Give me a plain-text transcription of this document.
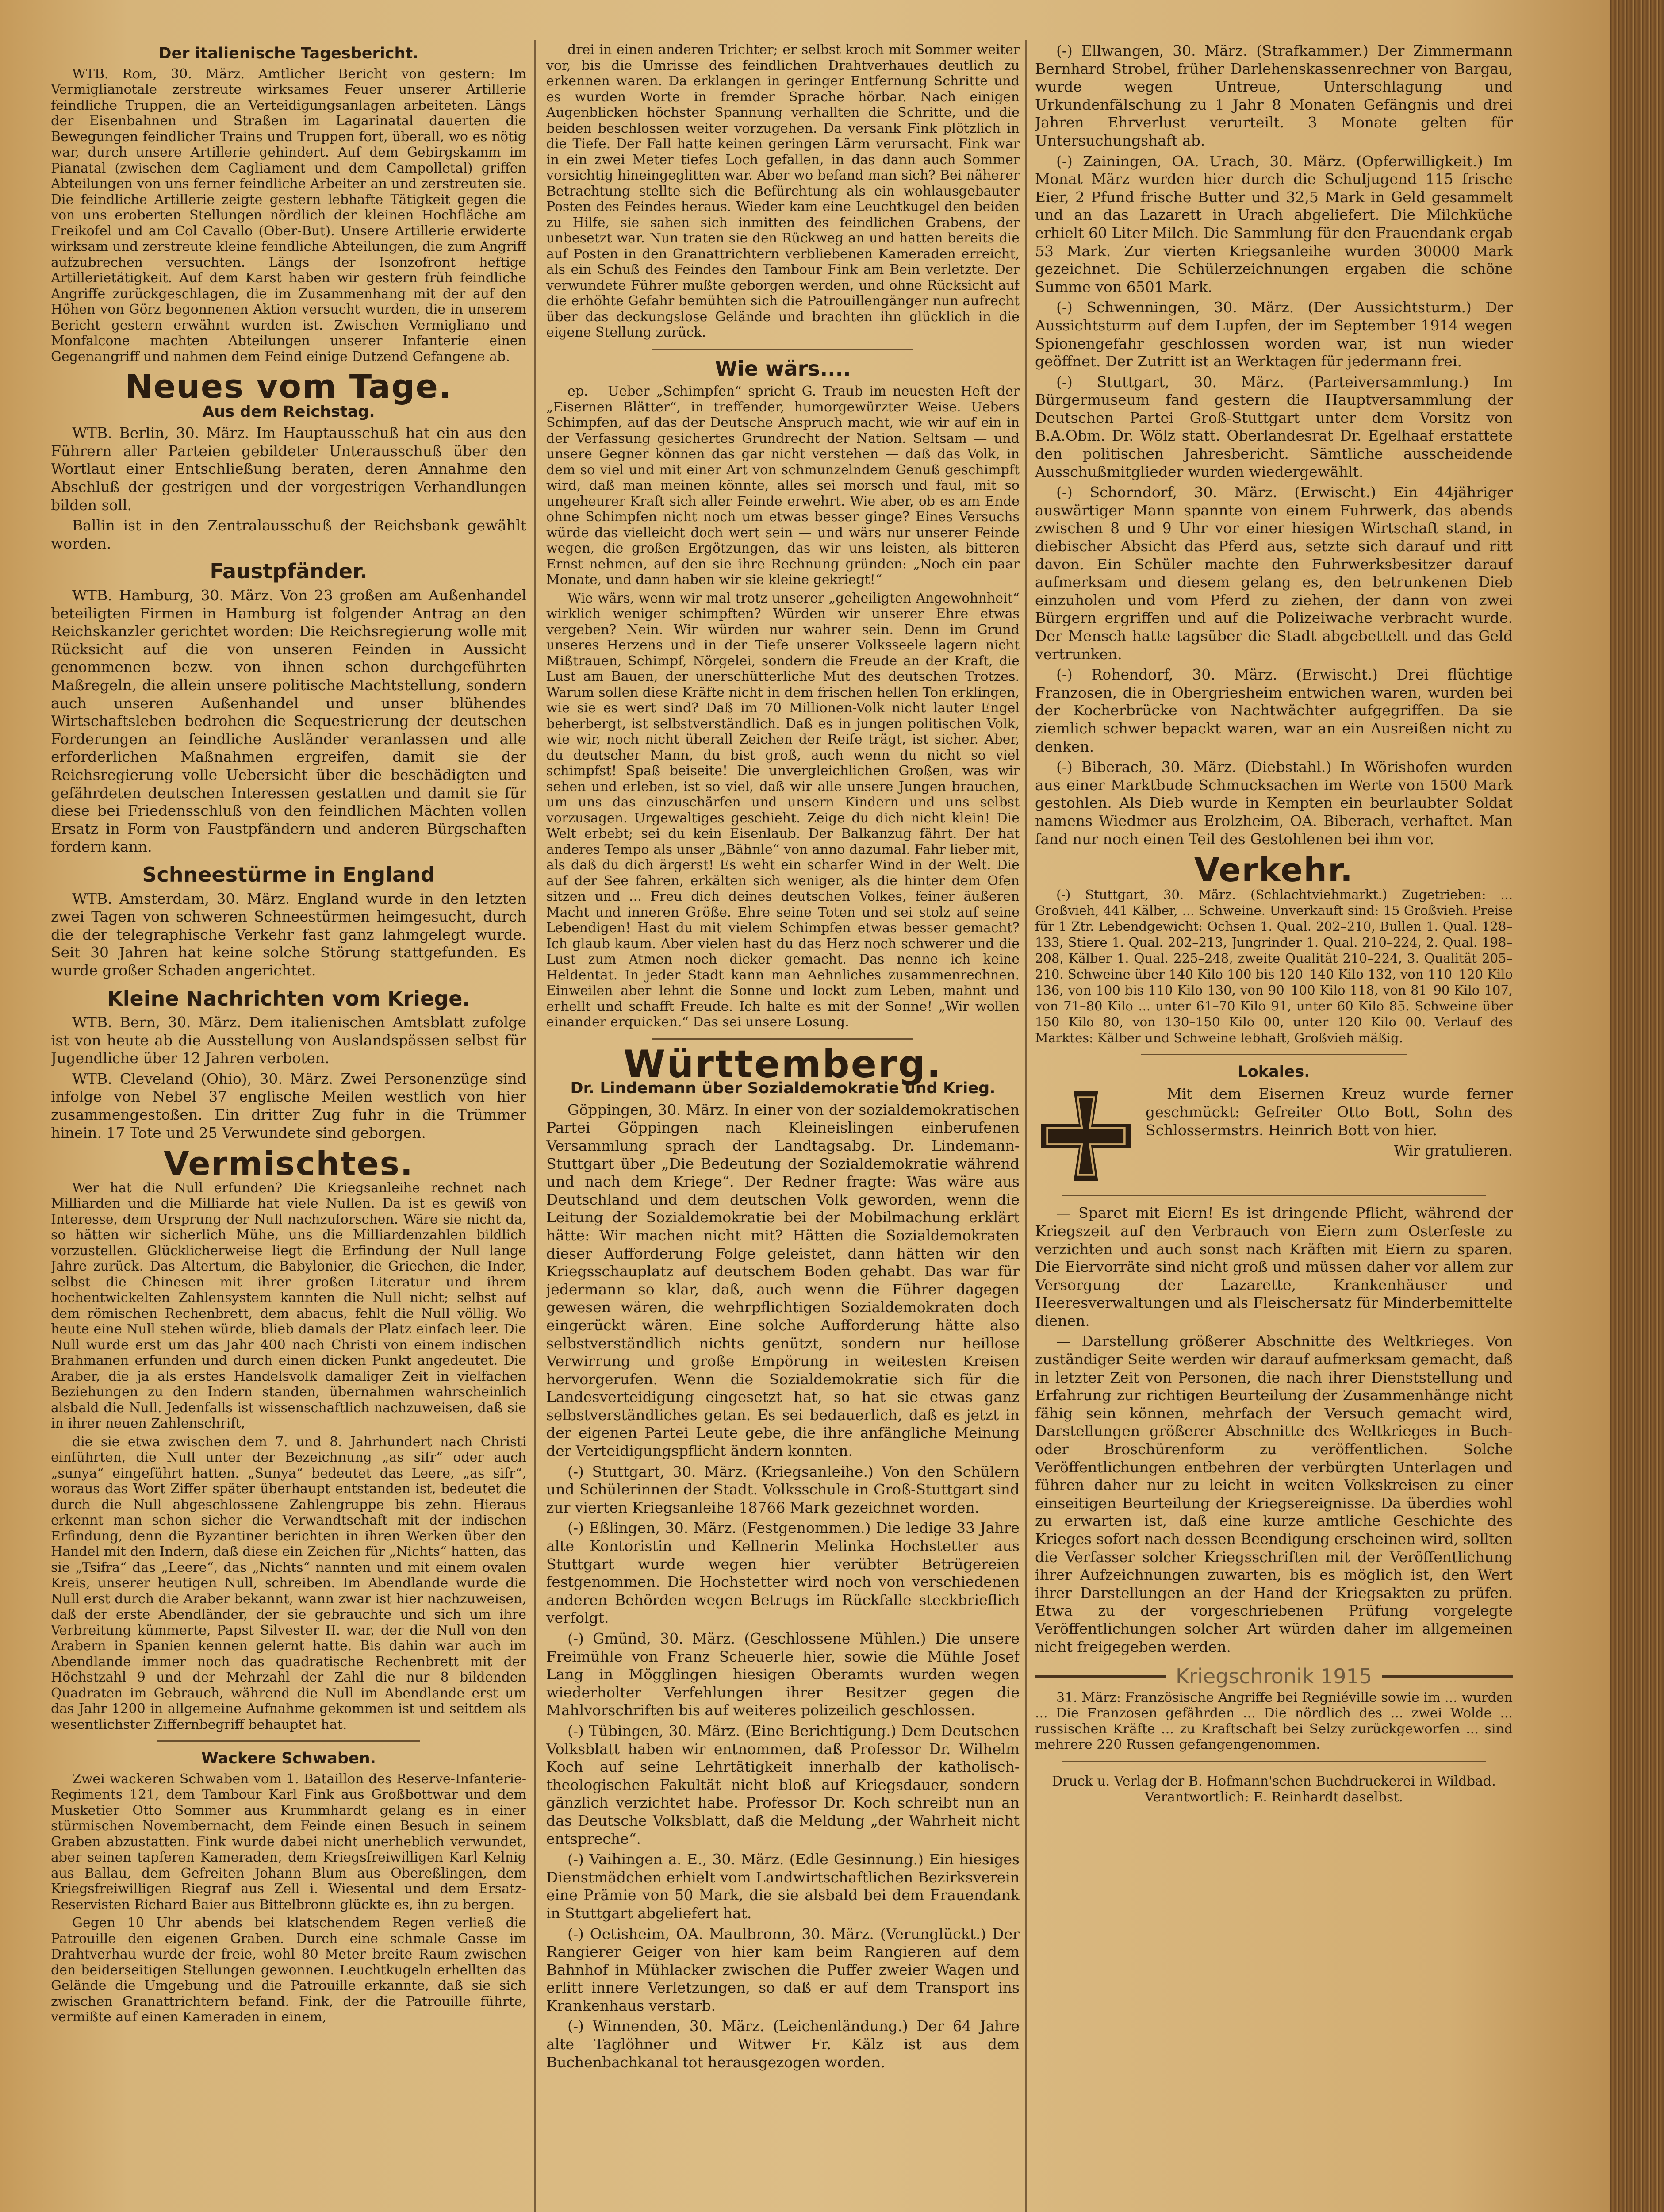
Der italienische Tagesbericht.

WTB. Rom, 30. März. Amtlicher Bericht von gestern: Im Vermiglianotale zerstreute wirksames Feuer unserer Artillerie feindliche Truppen, die an Verteidigungsanlagen arbeiteten. Längs der Eisenbahnen und Straßen im Lagarinatal dauerten die Bewegungen feindlicher Trains und Truppen fort, überall, wo es nötig war, durch unsere Artillerie gehindert. Auf dem Gebirgskamm im Pianatal (zwischen dem Cagliament und dem Campolletal) griffen Abteilungen von uns ferner feindliche Arbeiter an und zerstreuten sie. Die feindliche Artillerie zeigte gestern lebhafte Tätigkeit gegen die von uns eroberten Stellungen nördlich der kleinen Hochfläche am Freikofel und am Col Cavallo (Ober-But). Unsere Artillerie erwiderte wirksam und zerstreute kleine feindliche Abteilungen, die zum Angriff aufzubrechen versuchten. Längs der Isonzofront heftige Artillerietätigkeit. Auf dem Karst haben wir gestern früh feindliche Angriffe zurückgeschlagen, die im Zusammenhang mit der auf den Höhen von Görz begonnenen Aktion versucht wurden, die in unserem Bericht gestern erwähnt wurden ist. Zwischen Vermigliano und Monfalcone machten Abteilungen unserer Infanterie einen Gegenangriff und nahmen dem Feind einige Dutzend Gefangene ab.

Neues vom Tage.
Aus dem Reichstag.

WTB. Berlin, 30. März. Im Hauptausschuß hat ein aus den Führern aller Parteien gebildeter Unterausschuß über den Wortlaut einer Entschließung beraten, deren Annahme den Abschluß der gestrigen und der vorgestrigen Verhandlungen bilden soll.

Ballin ist in den Zentralausschuß der Reichsbank gewählt worden.

Faustpfänder.

WTB. Hamburg, 30. März. Von 23 großen am Außenhandel beteiligten Firmen in Hamburg ist folgender Antrag an den Reichskanzler gerichtet worden: Die Reichsregierung wolle mit Rücksicht auf die von unseren Feinden in Aussicht genommenen bezw. von ihnen schon durchgeführten Maßregeln, die allein unsere politische Machtstellung, sondern auch unseren Außenhandel und unser blühendes Wirtschaftsleben bedrohen die Sequestrierung der deutschen Forderungen an feindliche Ausländer veranlassen und alle erforderlichen Maßnahmen ergreifen, damit sie der Reichsregierung volle Uebersicht über die beschädigten und gefährdeten deutschen Interessen gestatten und damit sie für diese bei Friedensschluß von den feindlichen Mächten vollen Ersatz in Form von Faustpfändern und anderen Bürgschaften fordern kann.

Schneestürme in England

WTB. Amsterdam, 30. März. England wurde in den letzten zwei Tagen von schweren Schneestürmen heimgesucht, durch die der telegraphische Verkehr fast ganz lahmgelegt wurde. Seit 30 Jahren hat keine solche Störung stattgefunden. Es wurde großer Schaden angerichtet.

Kleine Nachrichten vom Kriege.

WTB. Bern, 30. März. Dem italienischen Amtsblatt zufolge ist von heute ab die Ausstellung von Auslandspässen selbst für Jugendliche über 12 Jahren verboten.

WTB. Cleveland (Ohio), 30. März. Zwei Personenzüge sind infolge von Nebel 37 englische Meilen westlich von hier zusammengestoßen. Ein dritter Zug fuhr in die Trümmer hinein. 17 Tote und 25 Verwundete sind geborgen.

Vermischtes.

Wer hat die Null erfunden? Die Kriegsanleihe rechnet nach Milliarden und die Milliarde hat viele Nullen. Da ist es gewiß von Interesse, dem Ursprung der Null nachzuforschen. Wäre sie nicht da, so hätten wir sicherlich Mühe, uns die Milliardenzahlen bildlich vorzustellen. Glücklicherweise liegt die Erfindung der Null lange Jahre zurück. Das Altertum, die Babylonier, die Griechen, die Inder, selbst die Chinesen mit ihrer großen Literatur und ihrem hochentwickelten Zahlensystem kannten die Null nicht; selbst auf dem römischen Rechenbrett, dem abacus, fehlt die Null völlig. Wo heute eine Null stehen würde, blieb damals der Platz einfach leer. Die Null wurde erst um das Jahr 400 nach Christi von einem indischen Brahmanen erfunden und durch einen dicken Punkt angedeutet. Die Araber, die ja als erstes Handelsvolk damaliger Zeit in vielfachen Beziehungen zu den Indern standen, übernahmen wahrscheinlich alsbald die Null. Jedenfalls ist wissenschaftlich nachzuweisen, daß sie in ihrer neuen Zahlenschrift,

die sie etwa zwischen dem 7. und 8. Jahrhundert nach Christi einführten, die Null unter der Bezeichnung „as sifr“ oder auch „sunya“ eingeführt hatten. „Sunya“ bedeutet das Leere, „as sifr“, woraus das Wort Ziffer später überhaupt entstanden ist, bedeutet die durch die Null abgeschlossene Zahlengruppe bis zehn. Hieraus erkennt man schon sicher die Verwandtschaft mit der indischen Erfindung, denn die Byzantiner berichten in ihren Werken über den Handel mit den Indern, daß diese ein Zeichen für „Nichts“ hatten, das sie „Tsifra“ das „Leere“, das „Nichts“ nannten und mit einem ovalen Kreis, unserer heutigen Null, schreiben. Im Abendlande wurde die Null erst durch die Araber bekannt, wann zwar ist hier nachzuweisen, daß der erste Abendländer, der sie gebrauchte und sich um ihre Verbreitung kümmerte, Papst Silvester II. war, der die Null von den Arabern in Spanien kennen gelernt hatte. Bis dahin war auch im Abendlande immer noch das quadratische Rechenbrett mit der Höchstzahl 9 und der Mehrzahl der Zahl die nur 8 bildenden Quadraten im Gebrauch, während die Null im Abendlande erst um das Jahr 1200 in allgemeine Aufnahme gekommen ist und seitdem als wesentlichster Ziffernbegriff behauptet hat.

Wackere Schwaben.

Zwei wackeren Schwaben vom 1. Bataillon des Reserve-Infanterie-Regiments 121, dem Tambour Karl Fink aus Großbottwar und dem Musketier Otto Sommer aus Krummhardt gelang es in einer stürmischen Novembernacht, dem Feinde einen Besuch in seinem Graben abzustatten. Fink wurde dabei nicht unerheblich verwundet, aber seinen tapferen Kameraden, dem Kriegsfreiwilligen Karl Kelnig aus Ballau, dem Gefreiten Johann Blum aus Obereßlingen, dem Kriegsfreiwilligen Riegraf aus Zell i. Wiesental und dem Ersatz-Reservisten Richard Baier aus Bittelbronn glückte es, ihn zu bergen.

Gegen 10 Uhr abends bei klatschendem Regen verließ die Patrouille den eigenen Graben. Durch eine schmale Gasse im Drahtverhau wurde der freie, wohl 80 Meter breite Raum zwischen den beiderseitigen Stellungen gewonnen. Leuchtkugeln erhellten das Gelände die Umgebung und die Patrouille erkannte, daß sie sich zwischen Granattrichtern befand. Fink, der die Patrouille führte, vermißte auf einen Kameraden in einem,

drei in einen anderen Trichter; er selbst kroch mit Sommer weiter vor, bis die Umrisse des feindlichen Drahtverhaues deutlich zu erkennen waren. Da erklangen in geringer Entfernung Schritte und es wurden Worte in fremder Sprache hörbar. Nach einigen Augenblicken höchster Spannung verhallten die Schritte, und die beiden beschlossen weiter vorzugehen. Da versank Fink plötzlich in die Tiefe. Der Fall hatte keinen geringen Lärm verursacht. Fink war in ein zwei Meter tiefes Loch gefallen, in das dann auch Sommer vorsichtig hineingeglitten war. Aber wo befand man sich? Bei näherer Betrachtung stellte sich die Befürchtung als ein wohlausgebauter Posten des Feindes heraus. Wieder kam eine Leuchtkugel den beiden zu Hilfe, sie sahen sich inmitten des feindlichen Grabens, der unbesetzt war. Nun traten sie den Rückweg an und hatten bereits die auf Posten in den Granattrichtern verbliebenen Kameraden erreicht, als ein Schuß des Feindes den Tambour Fink am Bein verletzte. Der verwundete Führer mußte geborgen werden, und ohne Rücksicht auf die erhöhte Gefahr bemühten sich die Patrouillengänger nun aufrecht über das deckungslose Gelände und brachten ihn glücklich in die eigene Stellung zurück.

Wie wärs....

ep.— Ueber „Schimpfen“ spricht G. Traub im neuesten Heft der „Eisernen Blätter“, in treffender, humorgewürzter Weise. Uebers Schimpfen, auf das der Deutsche Anspruch macht, wie wir auf ein in der Verfassung gesichertes Grundrecht der Nation. Seltsam — und unsere Gegner können das gar nicht verstehen — daß das Volk, in dem so viel und mit einer Art von schmunzelndem Genuß geschimpft wird, daß man meinen könnte, alles sei morsch und faul, mit so ungeheurer Kraft sich aller Feinde erwehrt. Wie aber, ob es am Ende ohne Schimpfen nicht noch um etwas besser ginge? Eines Versuchs würde das vielleicht doch wert sein — und wärs nur unserer Feinde wegen, die großen Ergötzungen, das wir uns leisten, als bitteren Ernst nehmen, auf den sie ihre Rechnung gründen: „Noch ein paar Monate, und dann haben wir sie kleine gekriegt!“

Wie wärs, wenn wir mal trotz unserer „geheiligten Angewohnheit“ wirklich weniger schimpften? Würden wir unserer Ehre etwas vergeben? Nein. Wir würden nur wahrer sein. Denn im Grund unseres Herzens und in der Tiefe unserer Volksseele lagern nicht Mißtrauen, Schimpf, Nörgelei, sondern die Freude an der Kraft, die Lust am Bauen, der unerschütterliche Mut des deutschen Trotzes. Warum sollen diese Kräfte nicht in dem frischen hellen Ton erklingen, wie sie es wert sind? Daß im 70 Millionen-Volk nicht lauter Engel beherbergt, ist selbstverständlich. Daß es in jungen politischen Volk, wie wir, noch nicht überall Zeichen der Reife trägt, ist sicher. Aber, du deutscher Mann, du bist groß, auch wenn du nicht so viel schimpfst! Spaß beiseite! Die unvergleichlichen Großen, was wir sehen und erleben, ist so viel, daß wir alle unsere Jungen brauchen, um uns das einzuschärfen und unsern Kindern und uns selbst vorzusagen. Urgewaltiges geschieht. Zeige du dich nicht klein! Die Welt erbebt; sei du kein Eisenlaub. Der Balkanzug fährt. Der hat anderes Tempo als unser „Bähnle“ von anno dazumal. Fahr lieber mit, als daß du dich ärgerst! Es weht ein scharfer Wind in der Welt. Die auf der See fahren, erkälten sich weniger, als die hinter dem Ofen sitzen und ... Freu dich deines deutschen Volkes, feiner äußeren Macht und inneren Größe. Ehre seine Toten und sei stolz auf seine Lebendigen! Hast du mit vielem Schimpfen etwas besser gemacht? Ich glaub kaum. Aber vielen hast du das Herz noch schwerer und die Lust zum Atmen noch dicker gemacht. Das nenne ich keine Heldentat. In jeder Stadt kann man Aehnliches zusammenrechnen. Einweilen aber lehnt die Sonne und lockt zum Leben, mahnt und erhellt und schafft Freude. Ich halte es mit der Sonne! „Wir wollen einander erquicken.“ Das sei unsere Losung.

Württemberg.
Dr. Lindemann über Sozialdemokratie und Krieg.

Göppingen, 30. März. In einer von der sozialdemokratischen Partei Göppingen nach Kleineislingen einberufenen Versammlung sprach der Landtagsabg. Dr. Lindemann-Stuttgart über „Die Bedeutung der Sozialdemokratie während und nach dem Kriege“. Der Redner fragte: Was wäre aus Deutschland und dem deutschen Volk geworden, wenn die Leitung der Sozialdemokratie bei der Mobilmachung erklärt hätte: Wir machen nicht mit? Hätten die Sozialdemokraten dieser Aufforderung Folge geleistet, dann hätten wir den Kriegsschauplatz auf deutschem Boden gehabt. Das war für jedermann so klar, daß, auch wenn die Führer dagegen gewesen wären, die wehrpflichtigen Sozialdemokraten doch eingerückt wären. Eine solche Aufforderung hätte also selbstverständlich nichts genützt, sondern nur heillose Verwirrung und große Empörung in weitesten Kreisen hervorgerufen. Wenn die Sozialdemokratie sich für die Landesverteidigung eingesetzt hat, so hat sie etwas ganz selbstverständliches getan. Es sei bedauerlich, daß es jetzt in der eigenen Partei Leute gebe, die ihre anfängliche Meinung der Verteidigungspflicht ändern konnten.

(-) Stuttgart, 30. März. (Kriegsanleihe.) Von den Schülern und Schülerinnen der Stadt. Volksschule in Groß-Stuttgart sind zur vierten Kriegsanleihe 18766 Mark gezeichnet worden.

(-) Eßlingen, 30. März. (Festgenommen.) Die ledige 33 Jahre alte Kontoristin und Kellnerin Melinka Hochstetter aus Stuttgart wurde wegen hier verübter Betrügereien festgenommen. Die Hochstetter wird noch von verschiedenen anderen Behörden wegen Betrugs im Rückfalle steckbrieflich verfolgt.

(-) Gmünd, 30. März. (Geschlossene Mühlen.) Die unsere Freimühle von Franz Scheuerle hier, sowie die Mühle Josef Lang in Mögglingen hiesigen Oberamts wurden wegen wiederholter Verfehlungen ihrer Besitzer gegen die Mahlvorschriften bis auf weiteres polizeilich geschlossen.

(-) Tübingen, 30. März. (Eine Berichtigung.) Dem Deutschen Volksblatt haben wir entnommen, daß Professor Dr. Wilhelm Koch auf seine Lehrtätigkeit innerhalb der katholisch-theologischen Fakultät nicht bloß auf Kriegsdauer, sondern gänzlich verzichtet habe. Professor Dr. Koch schreibt nun an das Deutsche Volksblatt, daß die Meldung „der Wahrheit nicht entspreche“.

(-) Vaihingen a. E., 30. März. (Edle Gesinnung.) Ein hiesiges Dienstmädchen erhielt vom Landwirtschaftlichen Bezirksverein eine Prämie von 50 Mark, die sie alsbald bei dem Frauendank in Stuttgart abgeliefert hat.

(-) Oetisheim, OA. Maulbronn, 30. März. (Verunglückt.) Der Rangierer Geiger von hier kam beim Rangieren auf dem Bahnhof in Mühlacker zwischen die Puffer zweier Wagen und erlitt innere Verletzungen, so daß er auf dem Transport ins Krankenhaus verstarb.

(-) Winnenden, 30. März. (Leichenländung.) Der 64 Jahre alte Taglöhner und Witwer Fr. Kälz ist aus dem Buchenbachkanal tot herausgezogen worden.

(-) Ellwangen, 30. März. (Strafkammer.) Der Zimmermann Bernhard Strobel, früher Darlehenskassenrechner von Bargau, wurde wegen Untreue, Unterschlagung und Urkundenfälschung zu 1 Jahr 8 Monaten Gefängnis und drei Jahren Ehrverlust verurteilt. 3 Monate gelten für Untersuchungshaft ab.

(-) Zainingen, OA. Urach, 30. März. (Opferwilligkeit.) Im Monat März wurden hier durch die Schuljugend 115 frische Eier, 2 Pfund frische Butter und 32,5 Mark in Geld gesammelt und an das Lazarett in Urach abgeliefert. Die Milchküche erhielt 60 Liter Milch. Die Sammlung für den Frauendank ergab 53 Mark. Zur vierten Kriegsanleihe wurden 30000 Mark gezeichnet. Die Schülerzeichnungen ergaben die schöne Summe von 6501 Mark.

(-) Schwenningen, 30. März. (Der Aussichtsturm.) Der Aussichtsturm auf dem Lupfen, der im September 1914 wegen Spionengefahr geschlossen worden war, ist nun wieder geöffnet. Der Zutritt ist an Werktagen für jedermann frei.

(-) Stuttgart, 30. März. (Parteiversammlung.) Im Bürgermuseum fand gestern die Hauptversammlung der Deutschen Partei Groß-Stuttgart unter dem Vorsitz von B.A.Obm. Dr. Wölz statt. Oberlandesrat Dr. Egelhaaf erstattete den politischen Jahresbericht. Sämtliche ausscheidende Ausschußmitglieder wurden wiedergewählt.

(-) Schorndorf, 30. März. (Erwischt.) Ein 44jähriger auswärtiger Mann spannte von einem Fuhrwerk, das abends zwischen 8 und 9 Uhr vor einer hiesigen Wirtschaft stand, in diebischer Absicht das Pferd aus, setzte sich darauf und ritt davon. Ein Schüler machte den Fuhrwerksbesitzer darauf aufmerksam und diesem gelang es, den betrunkenen Dieb einzuholen und vom Pferd zu ziehen, der dann von zwei Bürgern ergriffen und auf die Polizeiwache verbracht wurde. Der Mensch hatte tagsüber die Stadt abgebettelt und das Geld vertrunken.

(-) Rohendorf, 30. März. (Erwischt.) Drei flüchtige Franzosen, die in Obergriesheim entwichen waren, wurden bei der Kocherbrücke von Nachtwächter aufgegriffen. Da sie ziemlich schwer bepackt waren, war an ein Ausreißen nicht zu denken.

(-) Biberach, 30. März. (Diebstahl.) In Wörishofen wurden aus einer Marktbude Schmucksachen im Werte von 1500 Mark gestohlen. Als Dieb wurde in Kempten ein beurlaubter Soldat namens Wiedmer aus Erolzheim, OA. Biberach, verhaftet. Man fand nur noch einen Teil des Gestohlenen bei ihm vor.

Verkehr.

(-) Stuttgart, 30. März. (Schlachtviehmarkt.) Zugetrieben: ... Großvieh, 441 Kälber, ... Schweine. Unverkauft sind: 15 Großvieh. Preise für 1 Ztr. Lebendgewicht: Ochsen 1. Qual. 202–210, Bullen 1. Qual. 128–133, Stiere 1. Qual. 202–213, Jungrinder 1. Qual. 210–224, 2. Qual. 198–208, Kälber 1. Qual. 225–248, zweite Qualität 210–224, 3. Qualität 205–210. Schweine über 140 Kilo 100 bis 120–140 Kilo 132, von 110–120 Kilo 136, von 100 bis 110 Kilo 130, von 90–100 Kilo 118, von 81–90 Kilo 107, von 71–80 Kilo ... unter 61–70 Kilo 91, unter 60 Kilo 85. Schweine über 150 Kilo 80, von 130–150 Kilo 00, unter 120 Kilo 00. Verlauf des Marktes: Kälber und Schweine lebhaft, Großvieh mäßig.

Lokales.

Mit dem Eisernen Kreuz wurde ferner geschmückt: Gefreiter Otto Bott, Sohn des Schlossermstrs. Heinrich Bott von hier.

Wir gratulieren.

— Sparet mit Eiern! Es ist dringende Pflicht, während der Kriegszeit auf den Verbrauch von Eiern zum Osterfeste zu verzichten und auch sonst nach Kräften mit Eiern zu sparen. Die Eiervorräte sind nicht groß und müssen daher vor allem zur Versorgung der Lazarette, Krankenhäuser und Heeresverwaltungen und als Fleischersatz für Minderbemittelte dienen.

— Darstellung größerer Abschnitte des Weltkrieges. Von zuständiger Seite werden wir darauf aufmerksam gemacht, daß in letzter Zeit von Personen, die nach ihrer Dienststellung und Erfahrung zur richtigen Beurteilung der Zusammenhänge nicht fähig sein können, mehrfach der Versuch gemacht wird, Darstellungen größerer Abschnitte des Weltkrieges in Buch- oder Broschürenform zu veröffentlichen. Solche Veröffentlichungen entbehren der verbürgten Unterlagen und führen daher nur zu leicht in weiten Volkskreisen zu einer einseitigen Beurteilung der Kriegsereignisse. Da überdies wohl zu erwarten ist, daß eine kurze amtliche Geschichte des Krieges sofort nach dessen Beendigung erscheinen wird, sollten die Verfasser solcher Kriegsschriften mit der Veröffentlichung ihrer Aufzeichnungen zuwarten, bis es möglich ist, den Wert ihrer Darstellungen an der Hand der Kriegsakten zu prüfen. Etwa zu der vorgeschriebenen Prüfung vorgelegte Veröffentlichungen solcher Art würden daher im allgemeinen nicht freigegeben werden.

Kriegschronik 1915

31. März: Französische Angriffe bei Regniéville sowie im ... wurden ... Die Franzosen gefährden ... Die nördlich des ... zwei Wolde ... russischen Kräfte ... zu Kraftschaft bei Selzy zurückgeworfen ... sind mehrere 220 Russen gefangengenommen.

Druck u. Verlag der B. Hofmann'schen Buchdruckerei in Wildbad. Verantwortlich: E. Reinhardt daselbst.
